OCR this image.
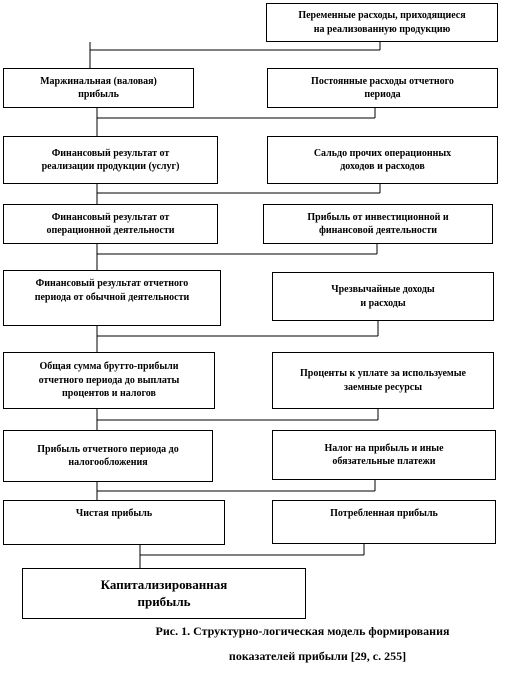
Переменные расходы, приходящиеся
на реализованную продукцию
Маржинальная (валовая)
прибыль
Постоянные расходы отчетного
периода
Финансовый результат от
реализации продукции (услуг)
Сальдо прочих операционных
доходов и расходов
Финансовый результат от
операционной деятельности
Прибыль от инвестиционной и
финансовой деятельности
Финансовый результат отчетного
периода от обычной деятельности
Чрезвычайные доходы
и расходы
Общая сумма брутто-прибыли
отчетного периода до выплаты
процентов и налогов
Проценты к уплате за используемые
заемные ресурсы
Прибыль отчетного периода до
налогообложения
Налог на прибыль и иные
обязательные платежи
Чистая прибыль	Потребленная прибыль
Капитализированная
прибыль
Рис. 1. Структурно-логическая модель формирования
показателей прибыли [29, с. 255]
